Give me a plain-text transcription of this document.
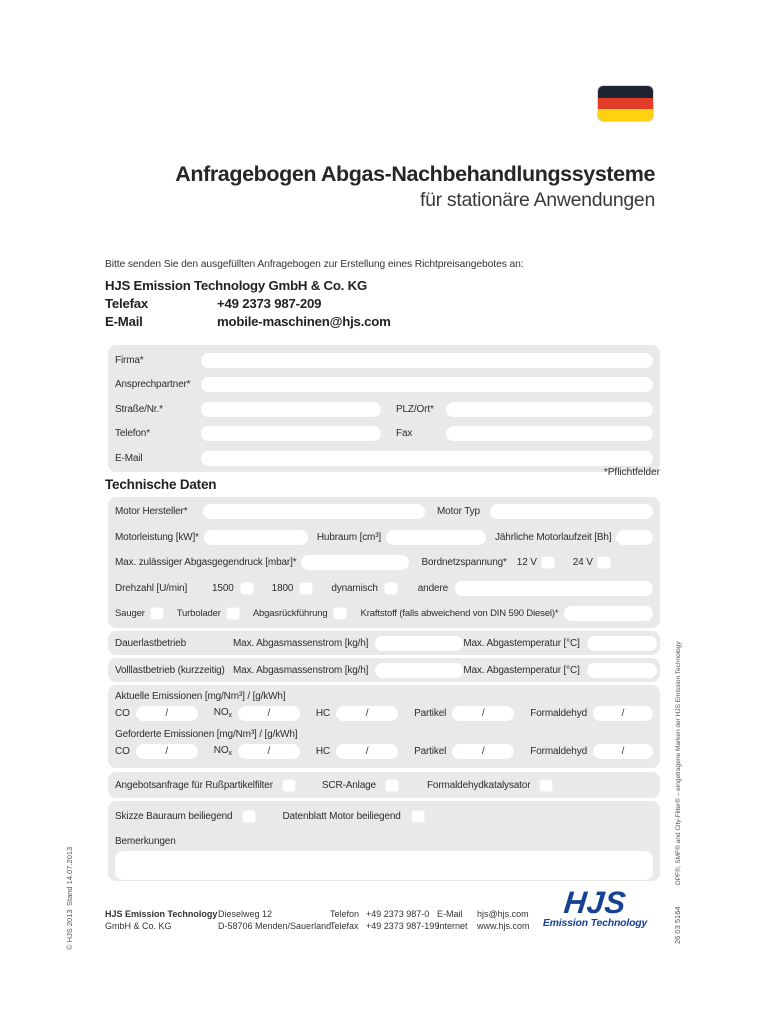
Anfragebogen Abgas-Nachbehandlungssysteme
für stationäre Anwendungen
Bitte senden Sie den ausgefüllten Anfragebogen zur Erstellung eines Richtpreisangebotes an:
HJS Emission Technology GmbH & Co. KG
Telefax	+49 2373 987-209
E-Mail	mobile-maschinen@hjs.com
Firma*
Ansprechpartner*
Straße/Nr.*	PLZ/Ort*
Telefon*	Fax
E-Mail
*Pflichtfelder
Technische Daten
Motor Hersteller*	Motor Typ
Motorleistung [kW]*	Hubraum [cm³]	Jährliche Motorlaufzeit [Bh]
Max. zulässiger Abgasgegendruck [mbar]*	Bordnetzspannung* 12 V	24 V
Drehzahl [U/min]	1500	1800	dynamisch	andere
Sauger	Turbolader	Abgasrückführung	Kraftstoff (falls abweichend von DIN 590 Diesel)*
Dauerlastbetrieb	Max. Abgasmassenstrom [kg/h]	Max. Abgastemperatur [°C]
Volllastbetrieb (kurzzeitig) Max. Abgasmassenstrom [kg/h]	Max. Abgastemperatur [°C]
Aktuelle Emissionen [mg/Nm³] / [g/kWh]
CO	/	$NO_x$	/	HC	/	Partikel	/	Formaldehyd	/
Geforderte Emissionen [mg/Nm³] / [g/kWh]
CO	/	$NO_x$	/	HC	/	Partikel	/	Formaldehyd	/
Angebotsanfrage für Rußpartikelfilter	SCR-Anlage	Formaldehydkatalysator
Skizze Bauraum beiliegend	Datenblatt Motor beiliegend
Bemerkungen
HJS Emission Technology
GmbH & Co. KG
Dieselweg 12
D-58706 Menden/Sauerland
Telefon +49 2373 987-0
Telefax +49 2373 987-199
E-Mail hjs@hjs.com
Internet www.hjs.com
HJS
Emission Technology
Stand 14.07.2013
© HJS 2013
DPF®, SMF® and City-Filter® – eingetragene Marken der HJS Emission Technology
26 03 5164
